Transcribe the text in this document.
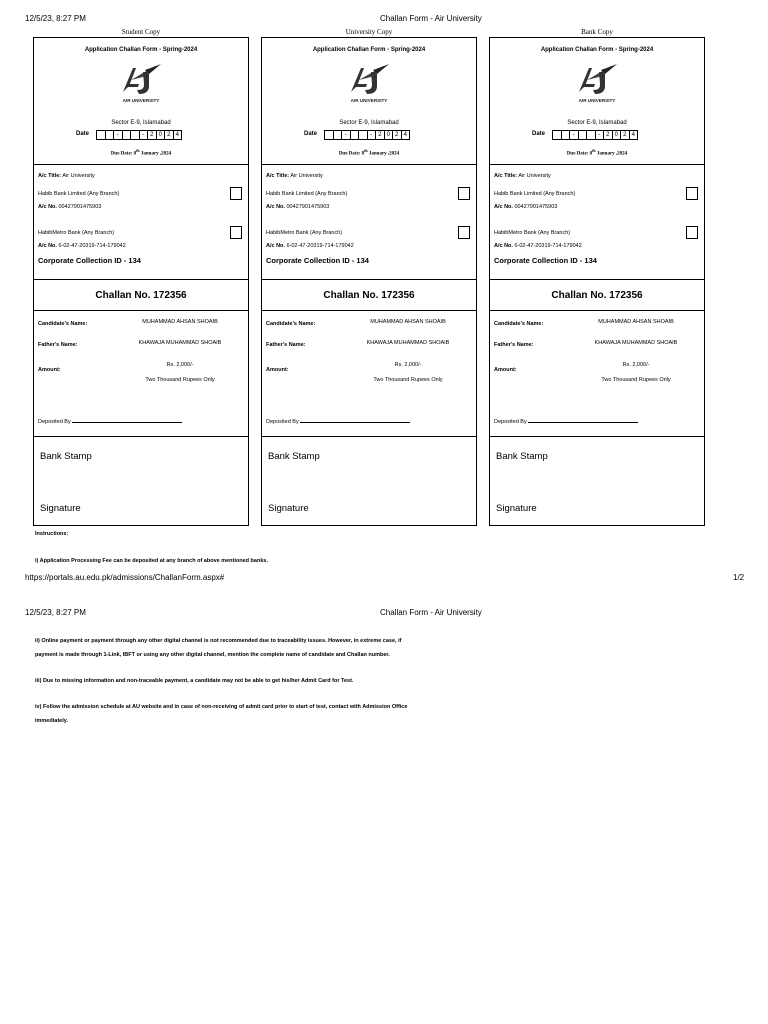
12/5/23, 8:27 PM	Challan Form - Air University
Student Copy	University Copy	Bank Copy
Application Challan Form - Spring-2024
AIR UNIVERSITY
Sector E-9, Islamabad
Date	-	- 2 0 2 4
Due Date: 8th January ,2024
A/c Title: Air University
Habib Bank Limited (Any Branch)
A/c No. 00427901475903
HabibMetro Bank (Any Branch)
A/c No. 6-02-47-20319-714-179042
Corporate Collection ID - 134
Challan No. 172356
Candidate's Name:	MUHAMMAD AHSAN SHOAIB
Father's Name:	KHAWAJA MUHAMMAD SHOAIB
Amount:
Rs. 2,000/-
Two Thousand Rupees Only
Deposited By
Bank Stamp
Signature
Application Challan Form - Spring-2024
AIR UNIVERSITY
Sector E-9, Islamabad
Date	-	- 2 0 2 4
Due Date: 8th January ,2024
A/c Title: Air University
Habib Bank Limited (Any Branch)
A/c No. 00427901475903
HabibMetro Bank (Any Branch)
A/c No. 6-02-47-20319-714-179042
Corporate Collection ID - 134
Challan No. 172356
Candidate's Name:	MUHAMMAD AHSAN SHOAIB
Father's Name:	KHAWAJA MUHAMMAD SHOAIB
Amount:
Rs. 2,000/-
Two Thousand Rupees Only
Deposited By
Bank Stamp
Signature
Application Challan Form - Spring-2024
AIR UNIVERSITY
Sector E-9, Islamabad
Date	-	- 2 0 2 4
Due Date: 8th January ,2024
A/c Title: Air University
Habib Bank Limited (Any Branch)
A/c No. 00427901475903
HabibMetro Bank (Any Branch)
A/c No. 6-02-47-20319-714-179042
Corporate Collection ID - 134
Challan No. 172356
Candidate's Name:	MUHAMMAD AHSAN SHOAIB
Father's Name:	KHAWAJA MUHAMMAD SHOAIB
Amount:
Rs. 2,000/-
Two Thousand Rupees Only
Deposited By
Bank Stamp
Signature
Instructions:
i) Application Processing Fee can be deposited at any branch of above mentioned banks.
https://portals.au.edu.pk/admissions/ChallanForm.aspx#	1/2
12/5/23, 8:27 PM	Challan Form - Air University
ii) Online payment or payment through any other digital channel is not recommended due to traceability issues. However, in extreme case, if
payment is made through 1-Link, IBFT or using any other digital channel, mention the complete name of candidate and Challan number.
iii) Due to missing information and non-traceable payment, a candidate may not be able to get his/her Admit Card for Test.
iv) Follow the admission schedule at AU website and in case of non-receiving of admit card prior to start of test, contact with Admission Office
immediately.
